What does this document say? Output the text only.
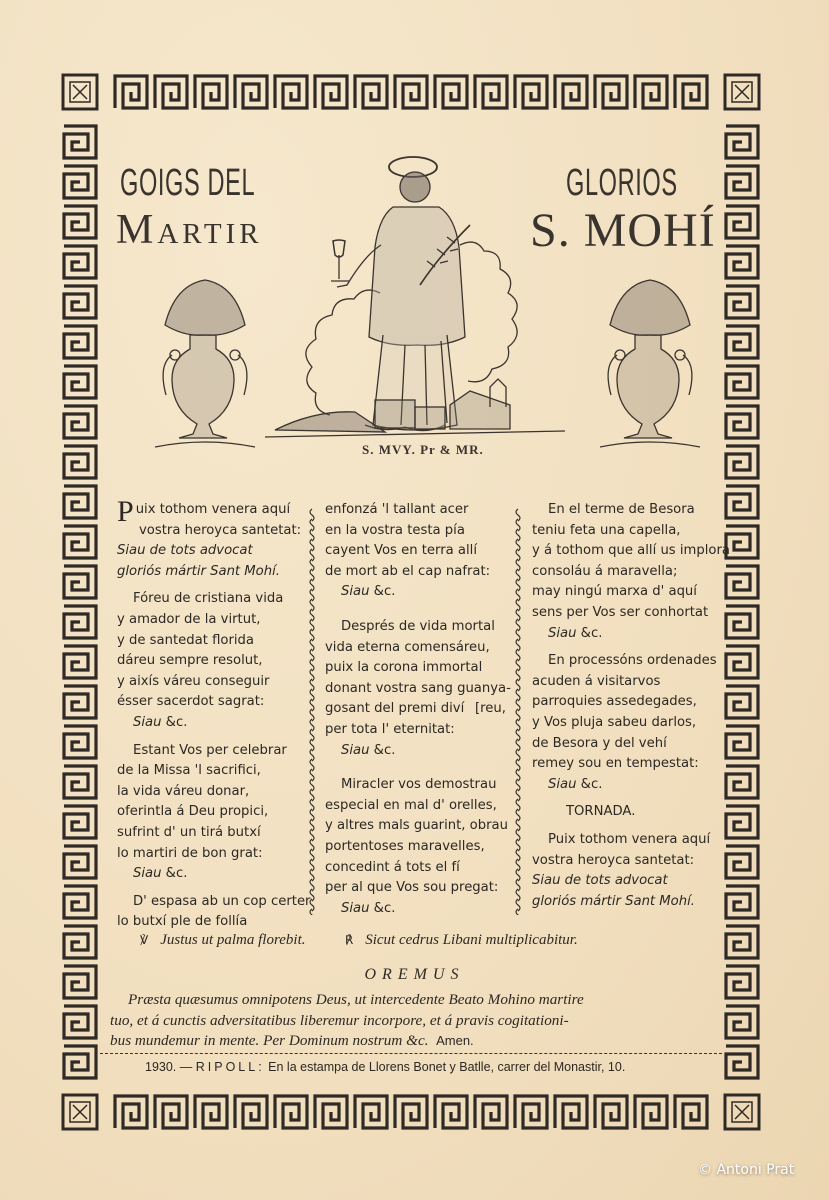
GOIGS DEL	GLORIOS
Martir	S. MOHÍ
S. MVY. Pr & MR.
Puix tothom venera aquí
vostra heroyca santetat:
Siau de tots advocat
gloriós mártir Sant Mohí.
Fóreu de cristiana vida
y amador de la virtut,
y de santedat florida
dáreu sempre resolut,
y aixís váreu conseguir
ésser sacerdot sagrat:
Siau &c.
Estant Vos per celebrar
de la Missa 'l sacrifici,
la vida váreu donar,
oferintla á Deu propici,
sufrint d' un tirá butxí
lo martiri de bon grat:
Siau &c.
D' espasa ab un cop certer
lo butxí ple de follía
enfonzá 'l tallant acer
en la vostra testa pía
cayent Vos en terra allí
de mort ab el cap nafrat:
Siau &c.
Després de vida mortal
vida eterna comensáreu,
puix la corona immortal
donant vostra sang guanya-
gosant del premi diví [reu,
per tota l' eternitat:
Siau &c.
Miracler vos demostrau
especial en mal d' orelles,
y altres mals guarint, obrau
portentoses maravelles,
concedint á tots el fí
per al que Vos sou pregat:
Siau &c.
En el terme de Besora
teniu feta una capella,
y á tothom que allí us implora
consoláu á maravella;
may ningú marxa d' aquí
sens per Vos ser conhortat
Siau &c.
En processóns ordenades
acuden á visitarvos
parroquies assedegades,
y Vos pluja sabeu darlos,
de Besora y del vehí
remey sou en tempestat:
Siau &c.
TORNADA.
Puix tothom venera aquí
vostra heroyca santetat:
Siau de tots advocat
gloriós mártir Sant Mohí.
℣ Justus ut palma florebit.	℟ Sicut cedrus Libani multiplicabitur.
OREMUS
Præsta quæsumus omnipotens Deus, ut intercedente Beato Mohino martire
tuo, et á cunctis adversitatibus liberemur incorpore, et á pravis cogitationi-
bus mundemur in mente. Per Dominum nostrum &c. Amen.
1930. — RIPOLL: En la estampa de Llorens Bonet y Batlle, carrer del Monastir, 10.
© Antoni Prat
